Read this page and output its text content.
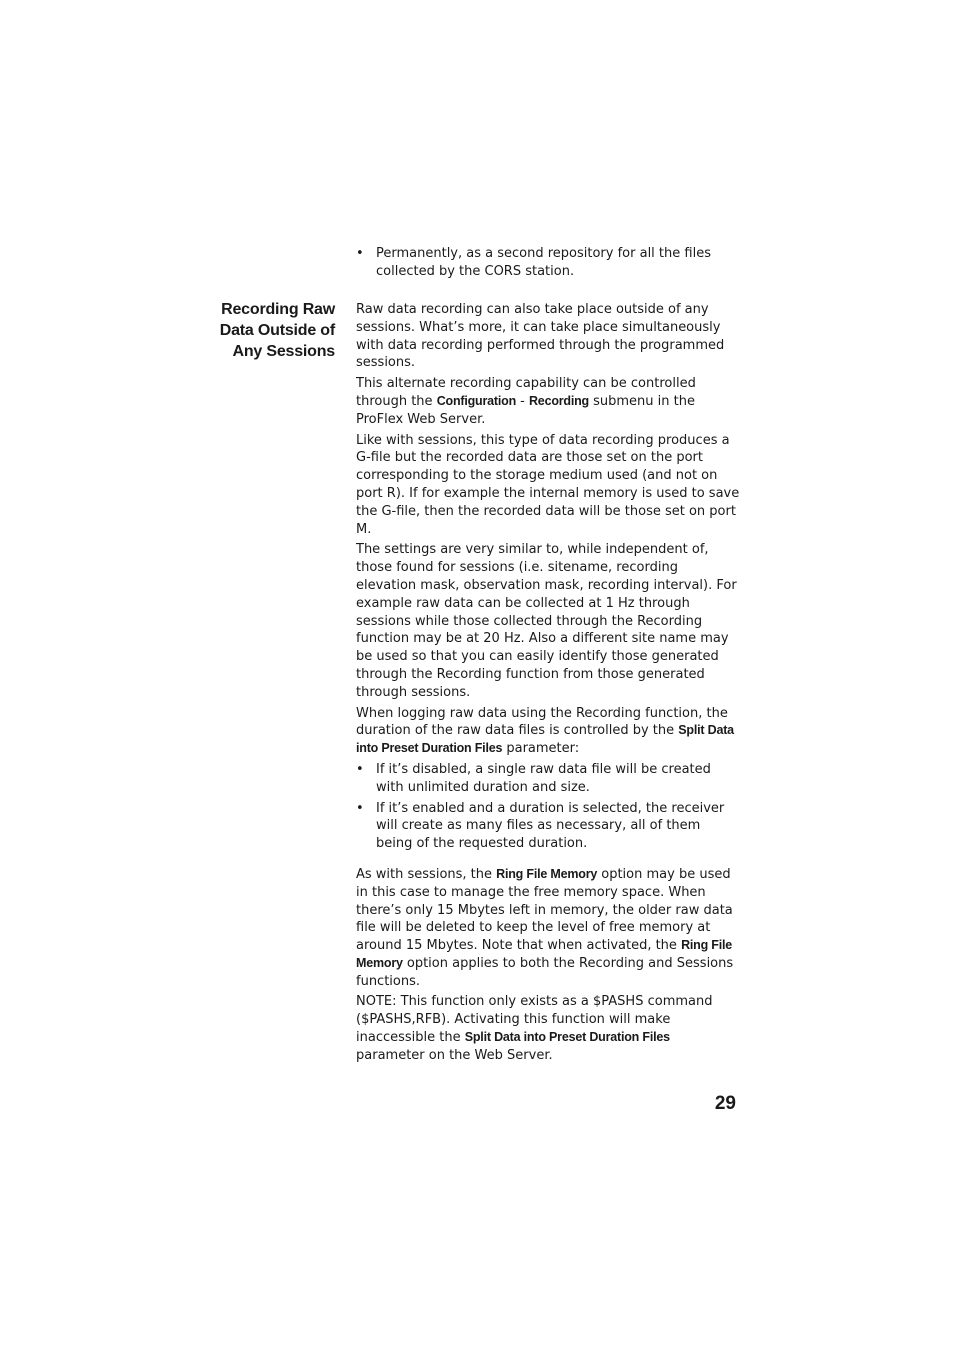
• Permanently, as a second repository for all the files collected by the CORS station.
Recording Raw
Data Outside of
Any Sessions

Raw data recording can also take place outside of any sessions. What’s more, it can take place simultaneously with data recording performed through the programmed sessions.

This alternate recording capability can be controlled through the Configuration - Recording submenu in the ProFlex Web Server.

Like with sessions, this type of data recording produces a G-file but the recorded data are those set on the port corresponding to the storage medium used (and not on port R). If for example the internal memory is used to save the G-file, then the recorded data will be those set on port M.

The settings are very similar to, while independent of, those found for sessions (i.e. sitename, recording elevation mask, observation mask, recording interval). For example raw data can be collected at 1 Hz through sessions while those collected through the Recording function may be at 20 Hz. Also a different site name may be used so that you can easily identify those generated through the Recording function from those generated through sessions.

When logging raw data using the Recording function, the duration of the raw data files is controlled by the Split Data into Preset Duration Files parameter:

• If it’s disabled, a single raw data file will be created with unlimited duration and size.
• If it’s enabled and a duration is selected, the receiver will create as many files as necessary, all of them being of the requested duration.

As with sessions, the Ring File Memory option may be used in this case to manage the free memory space. When there’s only 15 Mbytes left in memory, the older raw data file will be deleted to keep the level of free memory at around 15 Mbytes. Note that when activated, the Ring File Memory option applies to both the Recording and Sessions functions.

NOTE: This function only exists as a $PASHS command ($PASHS,RFB). Activating this function will make inaccessible the Split Data into Preset Duration Files parameter on the Web Server.

29
